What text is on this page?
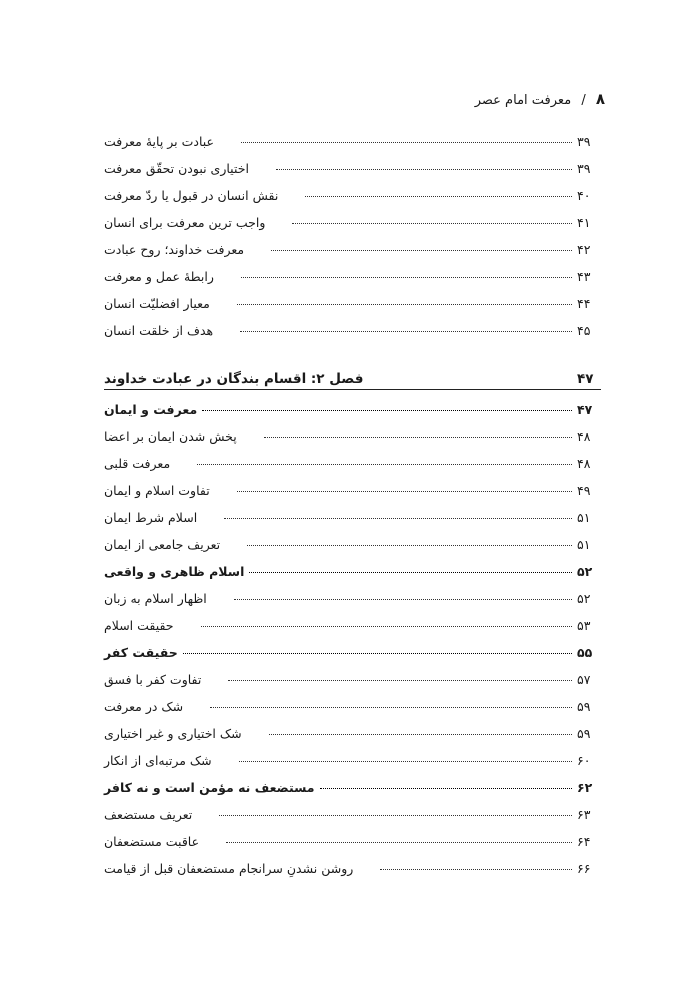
۸ / معرفت امام عصر
عبادت بر پایهٔ معرفت	۳۹
اختیاری نبودن تحقّق معرفت	۳۹
نقش انسان در قبول یا ردّ معرفت	۴۰
واجب ترین معرفت برای انسان	۴۱
معرفت خداوند؛ روح عبادت	۴۲
رابطهٔ عمل و معرفت	۴۳
معیار افضلیّت انسان	۴۴
هدف از خلقت انسان	۴۵
فصل ۲: اقسام بندگان در عبادت خداوند	۴۷
معرفت و ایمان	۴۷
پخش شدن ایمان بر اعضا	۴۸
معرفت قلبی	۴۸
تفاوت اسلام و ایمان	۴۹
اسلام شرط ایمان	۵۱
تعریف جامعی از ایمان	۵۱
اسلام ظاهری و واقعی	۵۲
اظهار اسلام به زبان	۵۲
حقیقت اسلام	۵۳
حقیقت کفر	۵۵
تفاوت کفر با فسق	۵۷
شک در معرفت	۵۹
شک اختیاری و غیر اختیاری	۵۹
شک مرتبه‌ای از انکار	۶۰
مستضعف نه مؤمن است و نه کافر	۶۲
تعریف مستضعف	۶۳
عاقبت مستضعفان	۶۴
روشن نشدنِ سرانجام مستضعفان قبل از قیامت	۶۶
